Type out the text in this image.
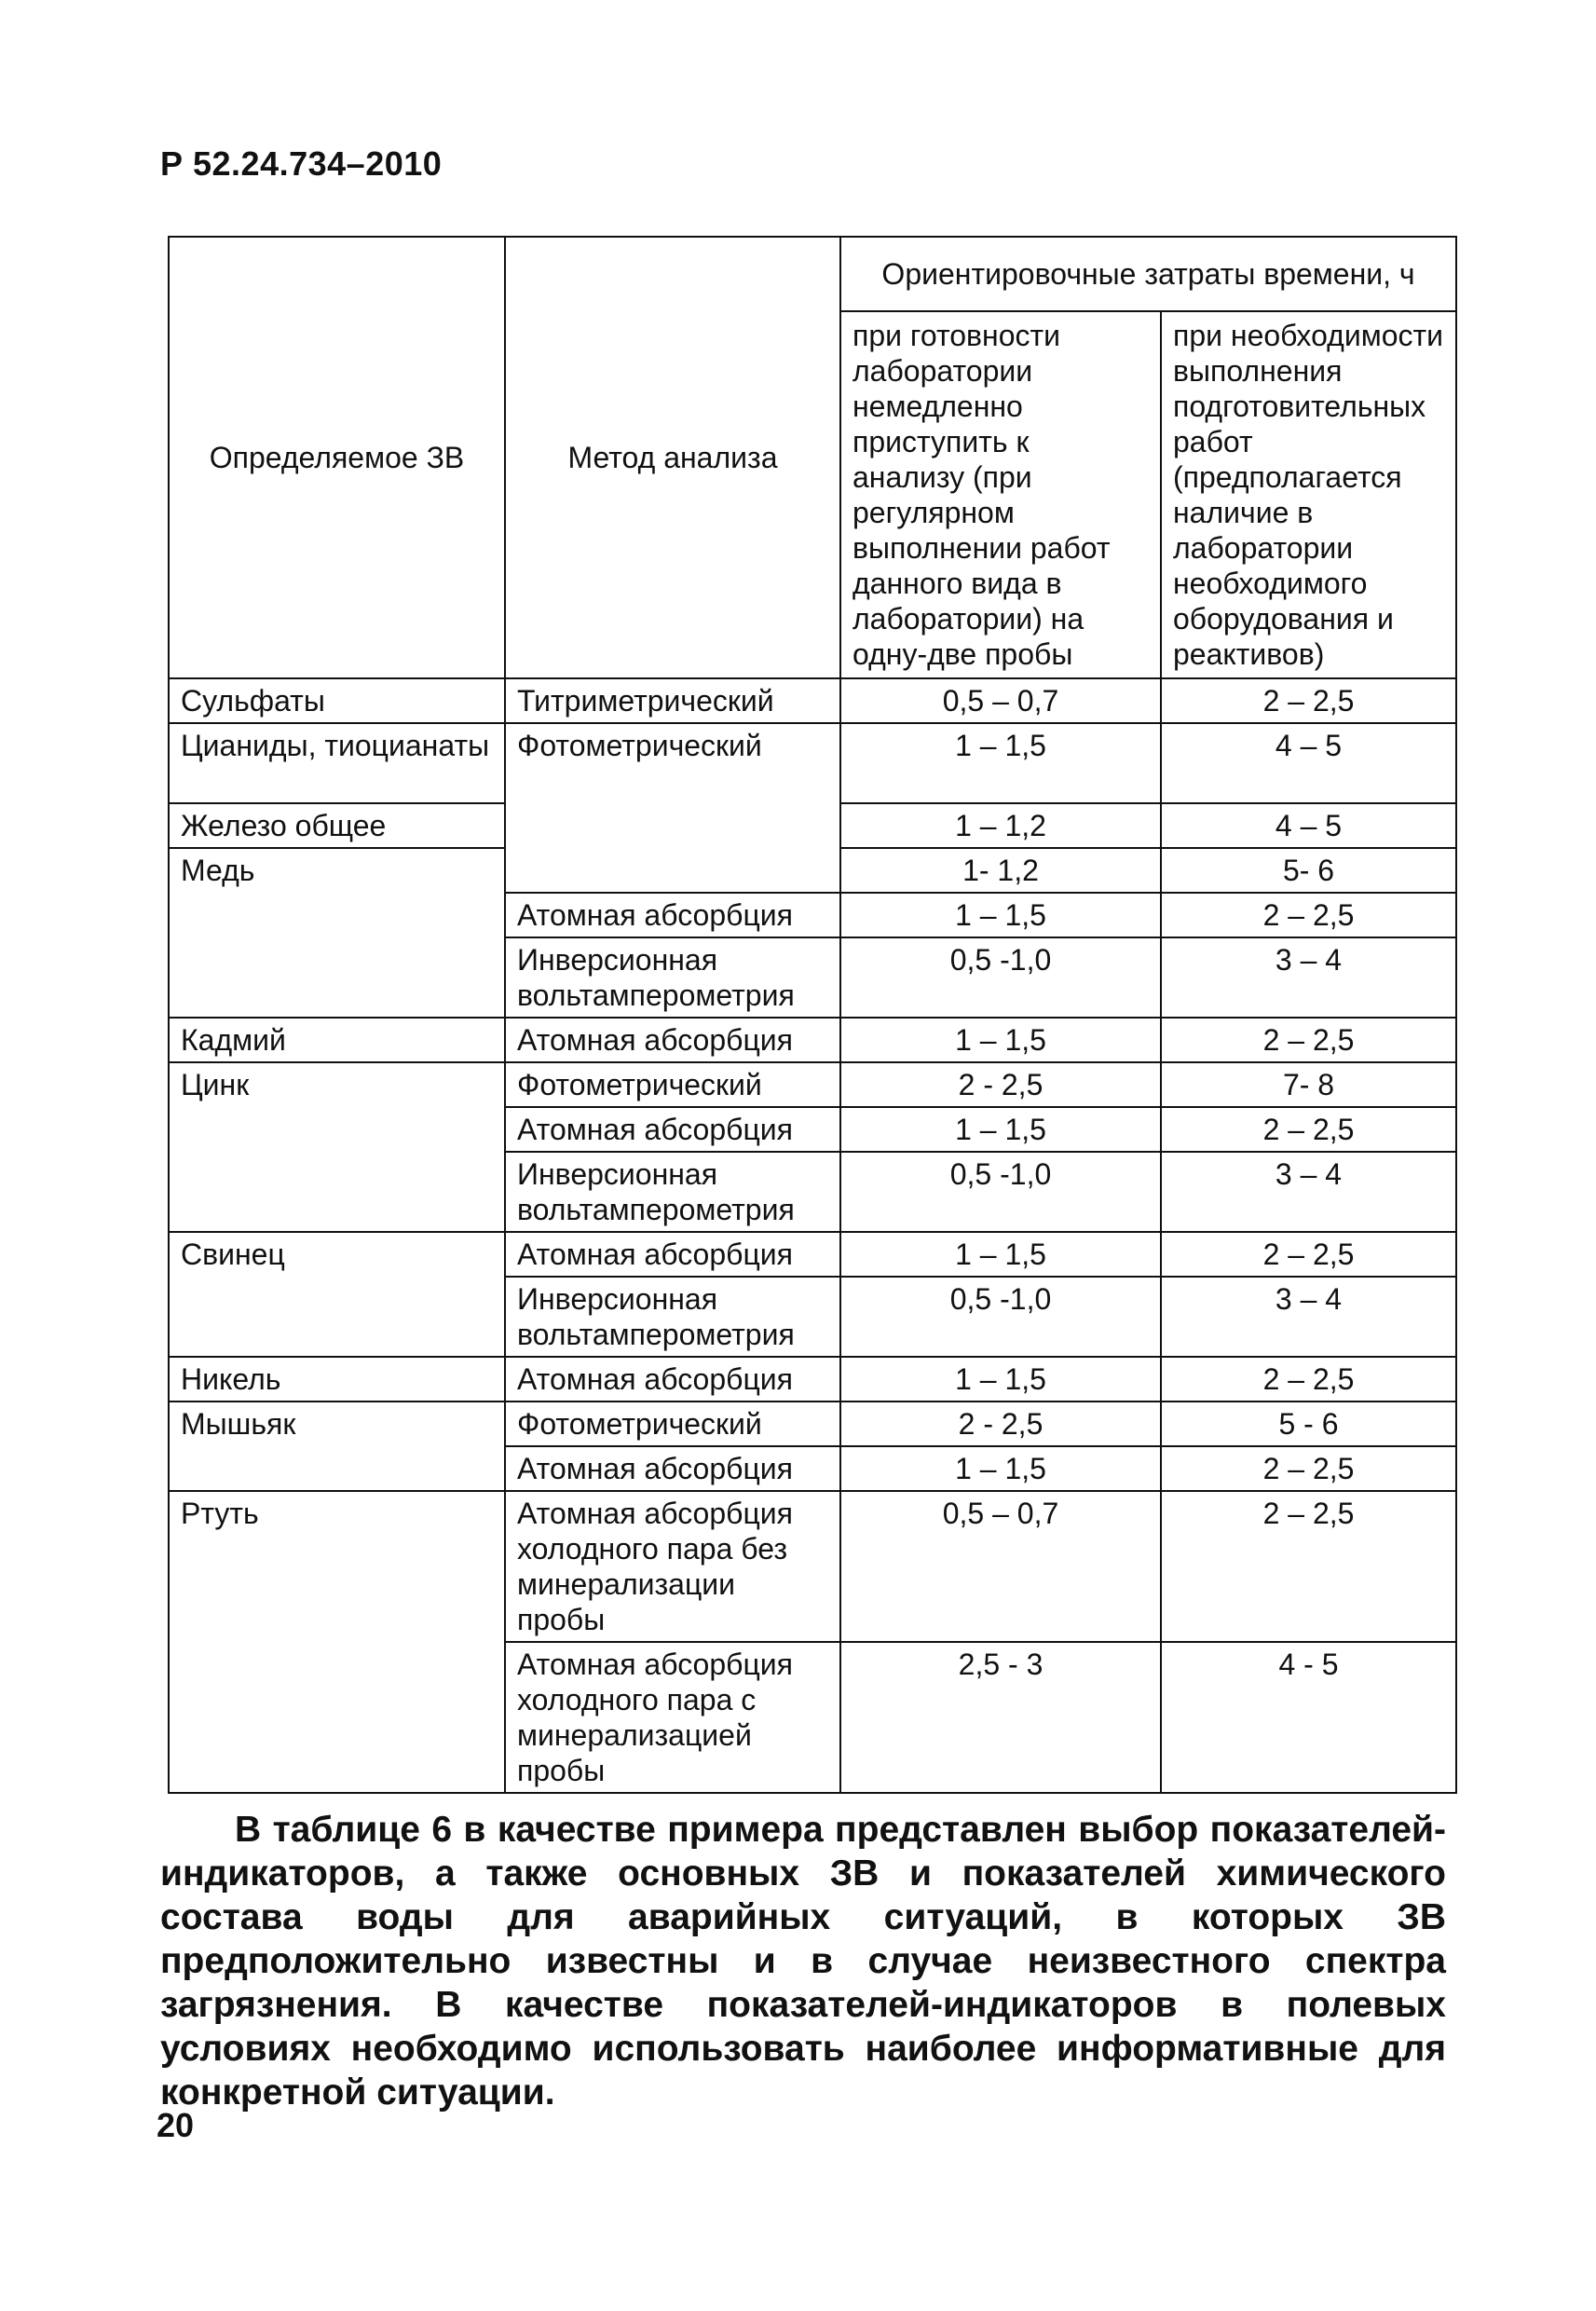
Р 52.24.734–2010
Определяемое ЗВ	Метод анализа	Ориентировочные затраты времени, ч	
		при готовности лаборатории немедленно приступить к анализу (при регулярном выполнении работ данного вида в лаборатории) на одну-две пробы	при необходимости выполнения подготовительных работ (предполагается наличие в лаборатории необходимого оборудования и реактивов)
Сульфаты	Титриметрический	0,5 – 0,7	2 – 2,5
Цианиды, тиоцианаты	Фотометрический	1 – 1,5	4 – 5
Железо общее		1 – 1,2	4 – 5
Медь		1- 1,2	5- 6
	Атомная абсорбция	1 – 1,5	2 – 2,5
	Инверсионная вольтамперометрия	0,5 -1,0	3 – 4
Кадмий	Атомная абсорбция	1 – 1,5	2 – 2,5
Цинк	Фотометрический	2 - 2,5	7- 8
	Атомная абсорбция	1 – 1,5	2 – 2,5
	Инверсионная вольтамперометрия	0,5 -1,0	3 – 4
Свинец	Атомная абсорбция	1 – 1,5	2 – 2,5
	Инверсионная вольтамперометрия	0,5 -1,0	3 – 4
Никель	Атомная абсорбция	1 – 1,5	2 – 2,5
Мышьяк	Фотометрический	2 - 2,5	5 - 6
	Атомная абсорбция	1 – 1,5	2 – 2,5
Ртуть	Атомная абсорбция холодного пара без минерализации пробы	0,5 – 0,7	2 – 2,5
	Атомная абсорбция холодного пара с минерализацией пробы	2,5 - 3	4 - 5

В таблице 6 в качестве примера представлен выбор показателей-индикаторов, а также основных ЗВ и показателей химического состава воды для аварийных ситуаций, в которых ЗВ предположительно известны и в случае неизвестного спектра загрязнения. В качестве показателей-индикаторов в полевых условиях необходимо использовать наиболее информативные для конкретной ситуации.

20
